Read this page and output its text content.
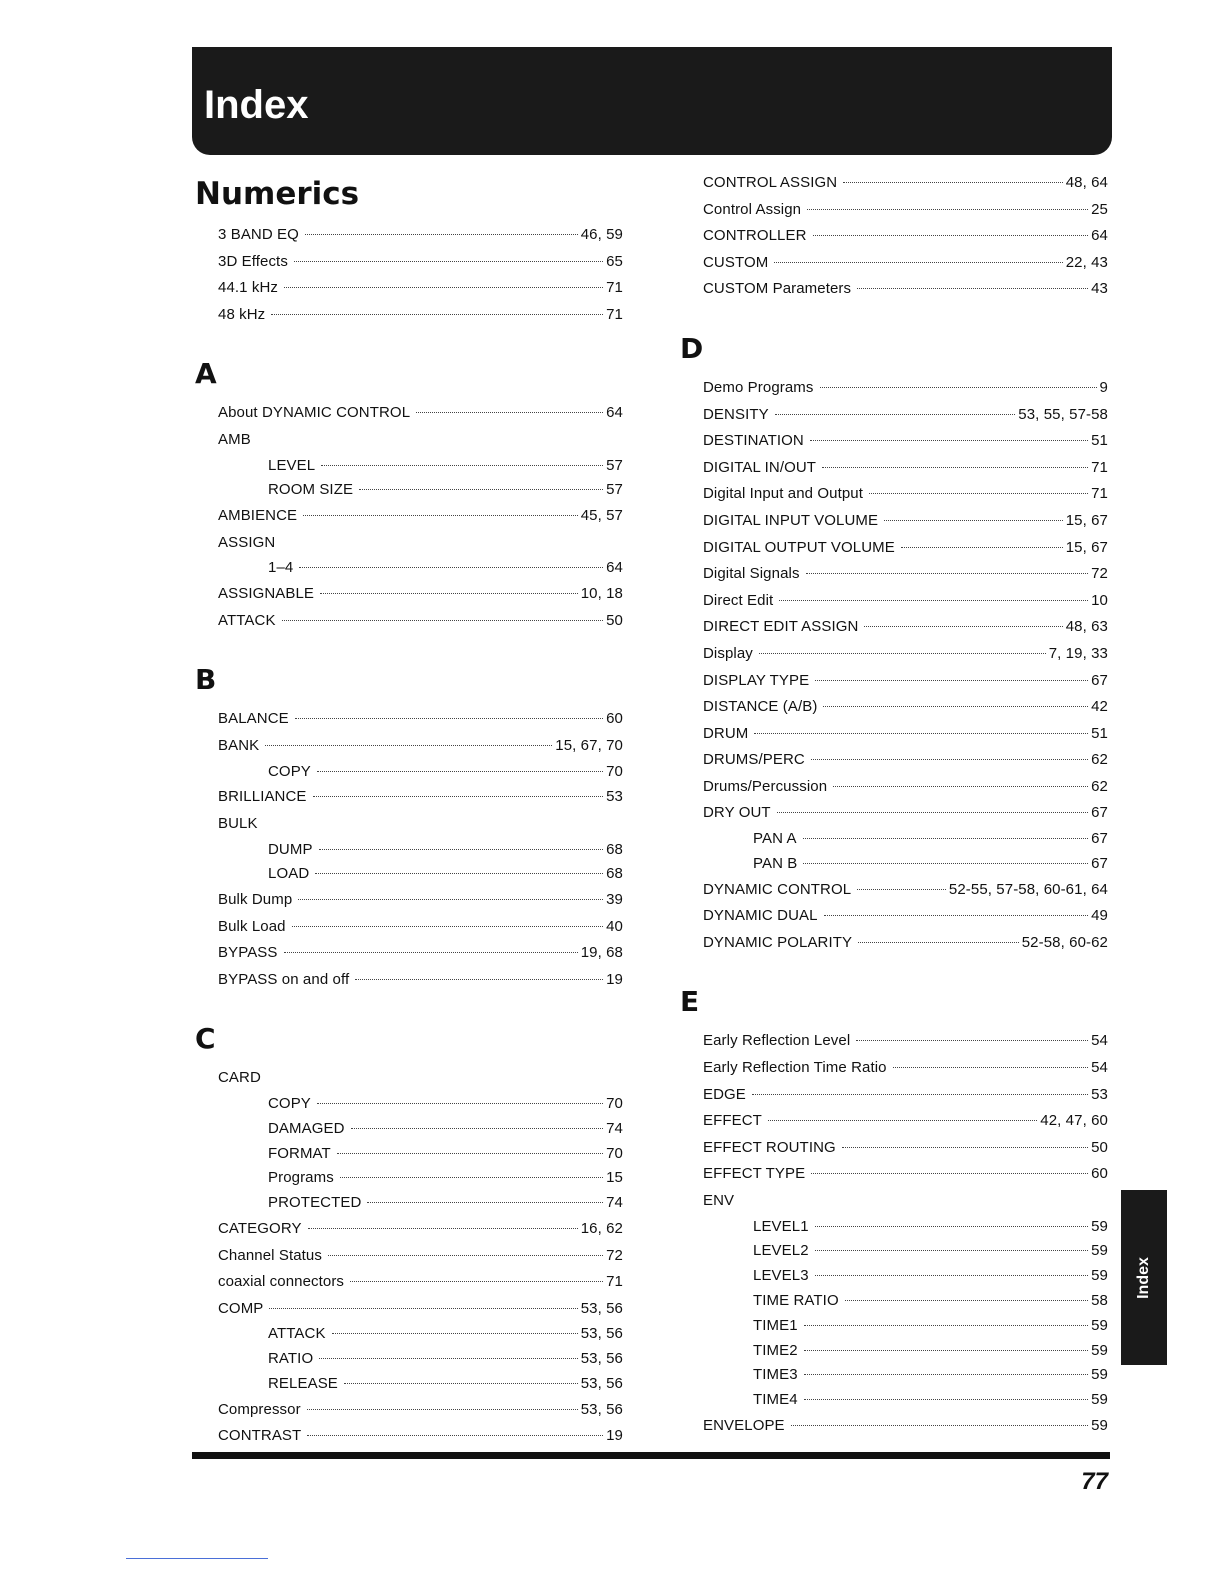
Index
Numerics
3 BAND EQ	46, 59
3D Effects	65
44.1 kHz	71
48 kHz	71
A
About DYNAMIC CONTROL	64
AMB
LEVEL	57
ROOM SIZE	57
AMBIENCE	45, 57
ASSIGN
1–4	64
ASSIGNABLE	10, 18
ATTACK	50
B
BALANCE	60
BANK	15, 67, 70
COPY	70
BRILLIANCE	53
BULK
DUMP	68
LOAD	68
Bulk Dump	39
Bulk Load	40
BYPASS	19, 68
BYPASS on and off	19
C
CARD
COPY	70
DAMAGED	74
FORMAT	70
Programs	15
PROTECTED	74
CATEGORY	16, 62
Channel Status	72
coaxial connectors	71
COMP	53, 56
ATTACK	53, 56
RATIO	53, 56
RELEASE	53, 56
Compressor	53, 56
CONTRAST	19
CONTROL ASSIGN	48, 64
Control Assign	25
CONTROLLER	64
CUSTOM	22, 43
CUSTOM Parameters	43
D
Demo Programs	9
DENSITY	53, 55, 57-58
DESTINATION	51
DIGITAL IN/OUT	71
Digital Input and Output	71
DIGITAL INPUT VOLUME	15, 67
DIGITAL OUTPUT VOLUME	15, 67
Digital Signals	72
Direct Edit	10
DIRECT EDIT ASSIGN	48, 63
Display	7, 19, 33
DISPLAY TYPE	67
DISTANCE (A/B)	42
DRUM	51
DRUMS/PERC	62
Drums/Percussion	62
DRY OUT	67
PAN A	67
PAN B	67
DYNAMIC CONTROL	52-55, 57-58, 60-61, 64
DYNAMIC DUAL	49
DYNAMIC POLARITY	52-58, 60-62
E
Early Reflection Level	54
Early Reflection Time Ratio	54
EDGE	53
EFFECT	42, 47, 60
EFFECT ROUTING	50
EFFECT TYPE	60
ENV
LEVEL1	59
LEVEL2	59
LEVEL3	59
TIME RATIO	58
TIME1	59
TIME2	59
TIME3	59
TIME4	59
ENVELOPE	59
Index
77
